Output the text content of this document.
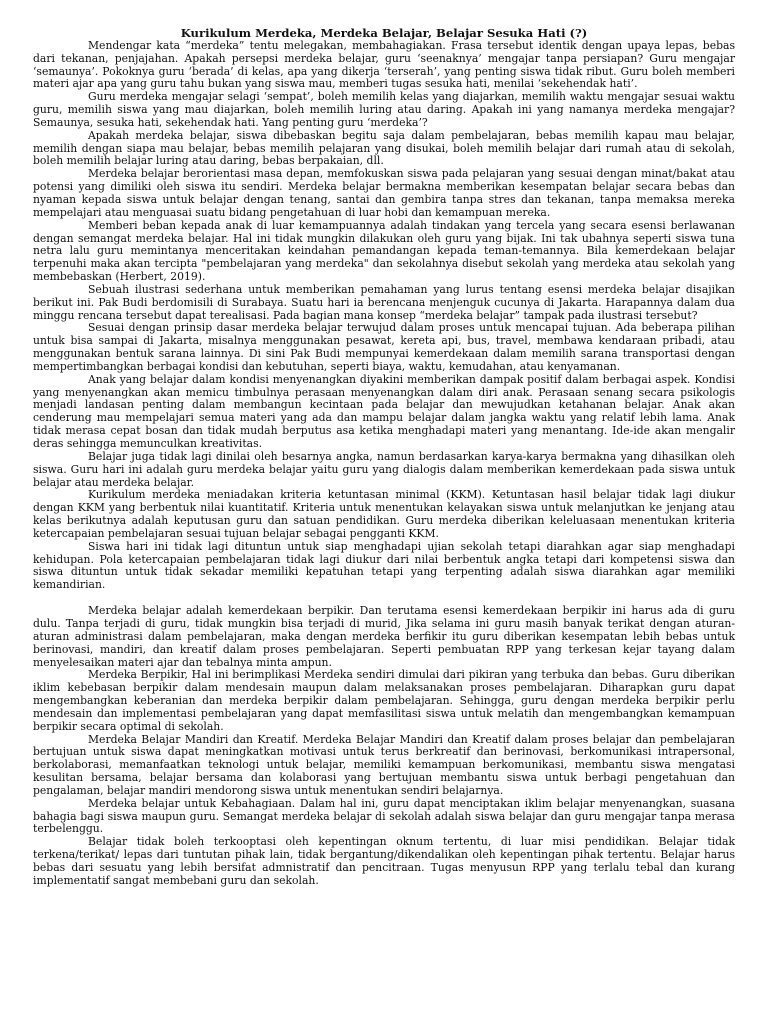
Kurikulum Merdeka, Merdeka Belajar, Belajar Sesuka Hati (?)

Mendengar kata “merdeka” tentu melegakan, membahagiakan. Frasa tersebut identik dengan upaya lepas, bebas dari tekanan, penjajahan. Apakah persepsi merdeka belajar, guru ‘seenaknya’ mengajar tanpa persiapan? Guru mengajar ‘semaunya’. Pokoknya guru ‘berada’ di kelas, apa yang dikerja ‘terserah’, yang penting siswa tidak ribut. Guru boleh memberi materi ajar apa yang guru tahu bukan yang siswa mau, memberi tugas sesuka hati, menilai ‘sekehendak hati’.

Guru merdeka mengajar selagi ‘sempat’, boleh memilih kelas yang diajarkan, memilih waktu mengajar sesuai waktu guru, memilih siswa yang mau diajarkan, boleh memilih luring atau daring. Apakah ini yang namanya merdeka mengajar? Semaunya, sesuka hati, sekehendak hati. Yang penting guru ‘merdeka’?

Apakah merdeka belajar, siswa dibebaskan begitu saja dalam pembelajaran, bebas memilih kapau mau belajar, memilih dengan siapa mau belajar, bebas memilih pelajaran yang disukai, boleh memilih belajar dari rumah atau di sekolah, boleh memilih belajar luring atau daring, bebas berpakaian, dll.

Merdeka belajar berorientasi masa depan, memfokuskan siswa pada pelajaran yang sesuai dengan minat/bakat atau potensi yang dimiliki oleh siswa itu sendiri. Merdeka belajar bermakna memberikan kesempatan belajar secara bebas dan nyaman kepada siswa untuk belajar dengan tenang, santai dan gembira tanpa stres dan tekanan, tanpa memaksa mereka mempelajari atau menguasai suatu bidang pengetahuan di luar hobi dan kemampuan mereka.

Memberi beban kepada anak di luar kemampuannya adalah tindakan yang tercela yang secara esensi berlawanan dengan semangat merdeka belajar. Hal ini tidak mungkin dilakukan oleh guru yang bijak. Ini tak ubahnya seperti siswa tuna netra lalu guru memintanya menceritakan keindahan pemandangan kepada teman-temannya. Bila kemerdekaan belajar terpenuhi maka akan tercipta "pembelajaran yang merdeka" dan sekolahnya disebut sekolah yang merdeka atau sekolah yang membebaskan (Herbert, 2019).

Sebuah ilustrasi sederhana untuk memberikan pemahaman yang lurus tentang esensi merdeka belajar disajikan berikut ini. Pak Budi berdomisili di Surabaya. Suatu hari ia berencana menjenguk cucunya di Jakarta. Harapannya dalam dua minggu rencana tersebut dapat terealisasi. Pada bagian mana konsep “merdeka belajar” tampak pada ilustrasi tersebut?

Sesuai dengan prinsip dasar merdeka belajar terwujud dalam proses untuk mencapai tujuan. Ada beberapa pilihan untuk bisa sampai di Jakarta, misalnya menggunakan pesawat, kereta api, bus, travel, membawa kendaraan pribadi, atau menggunakan bentuk sarana lainnya. Di sini Pak Budi mempunyai kemerdekaan dalam memilih sarana transportasi dengan mempertimbangkan berbagai kondisi dan kebutuhan, seperti biaya, waktu, kemudahan, atau kenyamanan.

Anak yang belajar dalam kondisi menyenangkan diyakini memberikan dampak positif dalam berbagai aspek. Kondisi yang menyenangkan akan memicu timbulnya perasaan menyenangkan dalam diri anak. Perasaan senang secara psikologis menjadi landasan penting dalam membangun kecintaan pada belajar dan mewujudkan ketahanan belajar. Anak akan cenderung mau mempelajari semua materi yang ada dan mampu belajar dalam jangka waktu yang relatif lebih lama. Anak tidak merasa cepat bosan dan tidak mudah berputus asa ketika menghadapi materi yang menantang. Ide-ide akan mengalir deras sehingga memunculkan kreativitas.

Belajar juga tidak lagi dinilai oleh besarnya angka, namun berdasarkan karya-karya bermakna yang dihasilkan oleh siswa. Guru hari ini adalah guru merdeka belajar yaitu guru yang dialogis dalam memberikan kemerdekaan pada siswa untuk belajar atau merdeka belajar.

Kurikulum merdeka meniadakan kriteria ketuntasan minimal (KKM). Ketuntasan hasil belajar tidak lagi diukur dengan KKM yang berbentuk nilai kuantitatif. Kriteria untuk menentukan kelayakan siswa untuk melanjutkan ke jenjang atau kelas berikutnya adalah keputusan guru dan satuan pendidikan. Guru merdeka diberikan keleluasaan menentukan kriteria ketercapaian pembelajaran sesuai tujuan belajar sebagai pengganti KKM.

Siswa hari ini tidak lagi dituntun untuk siap menghadapi ujian sekolah tetapi diarahkan agar siap menghadapi kehidupan. Pola ketercapaian pembelajaran tidak lagi diukur dari nilai berbentuk angka tetapi dari kompetensi siswa dan siswa dituntun untuk tidak sekadar memiliki kepatuhan tetapi yang terpenting adalah siswa diarahkan agar memiliki kemandirian.

Merdeka belajar adalah kemerdekaan berpikir. Dan terutama esensi kemerdekaan berpikir ini harus ada di guru dulu. Tanpa terjadi di guru, tidak mungkin bisa terjadi di murid, Jika selama ini guru masih banyak terikat dengan aturan-aturan administrasi dalam pembelajaran, maka dengan merdeka berfikir itu guru diberikan kesempatan lebih bebas untuk berinovasi, mandiri, dan kreatif dalam proses pembelajaran. Seperti pembuatan RPP yang terkesan kejar tayang dalam menyelesaikan materi ajar dan tebalnya minta ampun.

Merdeka Berpikir, Hal ini berimplikasi Merdeka sendiri dimulai dari pikiran yang terbuka dan bebas. Guru diberikan iklim kebebasan berpikir dalam mendesain maupun dalam melaksanakan proses pembelajaran. Diharapkan guru dapat mengembangkan keberanian dan merdeka berpikir dalam pembelajaran. Sehingga, guru dengan merdeka berpikir perlu mendesain dan implementasi pembelajaran yang dapat memfasilitasi siswa untuk melatih dan mengembangkan kemampuan berpikir secara optimal di sekolah.

Merdeka Belajar Mandiri dan Kreatif. Merdeka Belajar Mandiri dan Kreatif dalam proses belajar dan pembelajaran bertujuan untuk siswa dapat meningkatkan motivasi untuk terus berkreatif dan berinovasi, berkomunikasi intrapersonal, berkolaborasi, memanfaatkan teknologi untuk belajar, memiliki kemampuan berkomunikasi, membantu siswa mengatasi kesulitan bersama, belajar bersama dan kolaborasi yang bertujuan membantu siswa untuk berbagi pengetahuan dan pengalaman, belajar mandiri mendorong siswa untuk menentukan sendiri belajarnya.

Merdeka belajar untuk Kebahagiaan. Dalam hal ini, guru dapat menciptakan iklim belajar menyenangkan, suasana bahagia bagi siswa maupun guru. Semangat merdeka belajar di sekolah adalah siswa belajar dan guru mengajar tanpa merasa terbelenggu.

Belajar tidak boleh terkooptasi oleh kepentingan oknum tertentu, di luar misi pendidikan. Belajar tidak terkena/terikat/ lepas dari tuntutan pihak lain, tidak bergantung/dikendalikan oleh kepentingan pihak tertentu. Belajar harus bebas dari sesuatu yang lebih bersifat admnistratif dan pencitraan. Tugas menyusun RPP yang terlalu tebal dan kurang implementatif sangat membebani guru dan sekolah.
